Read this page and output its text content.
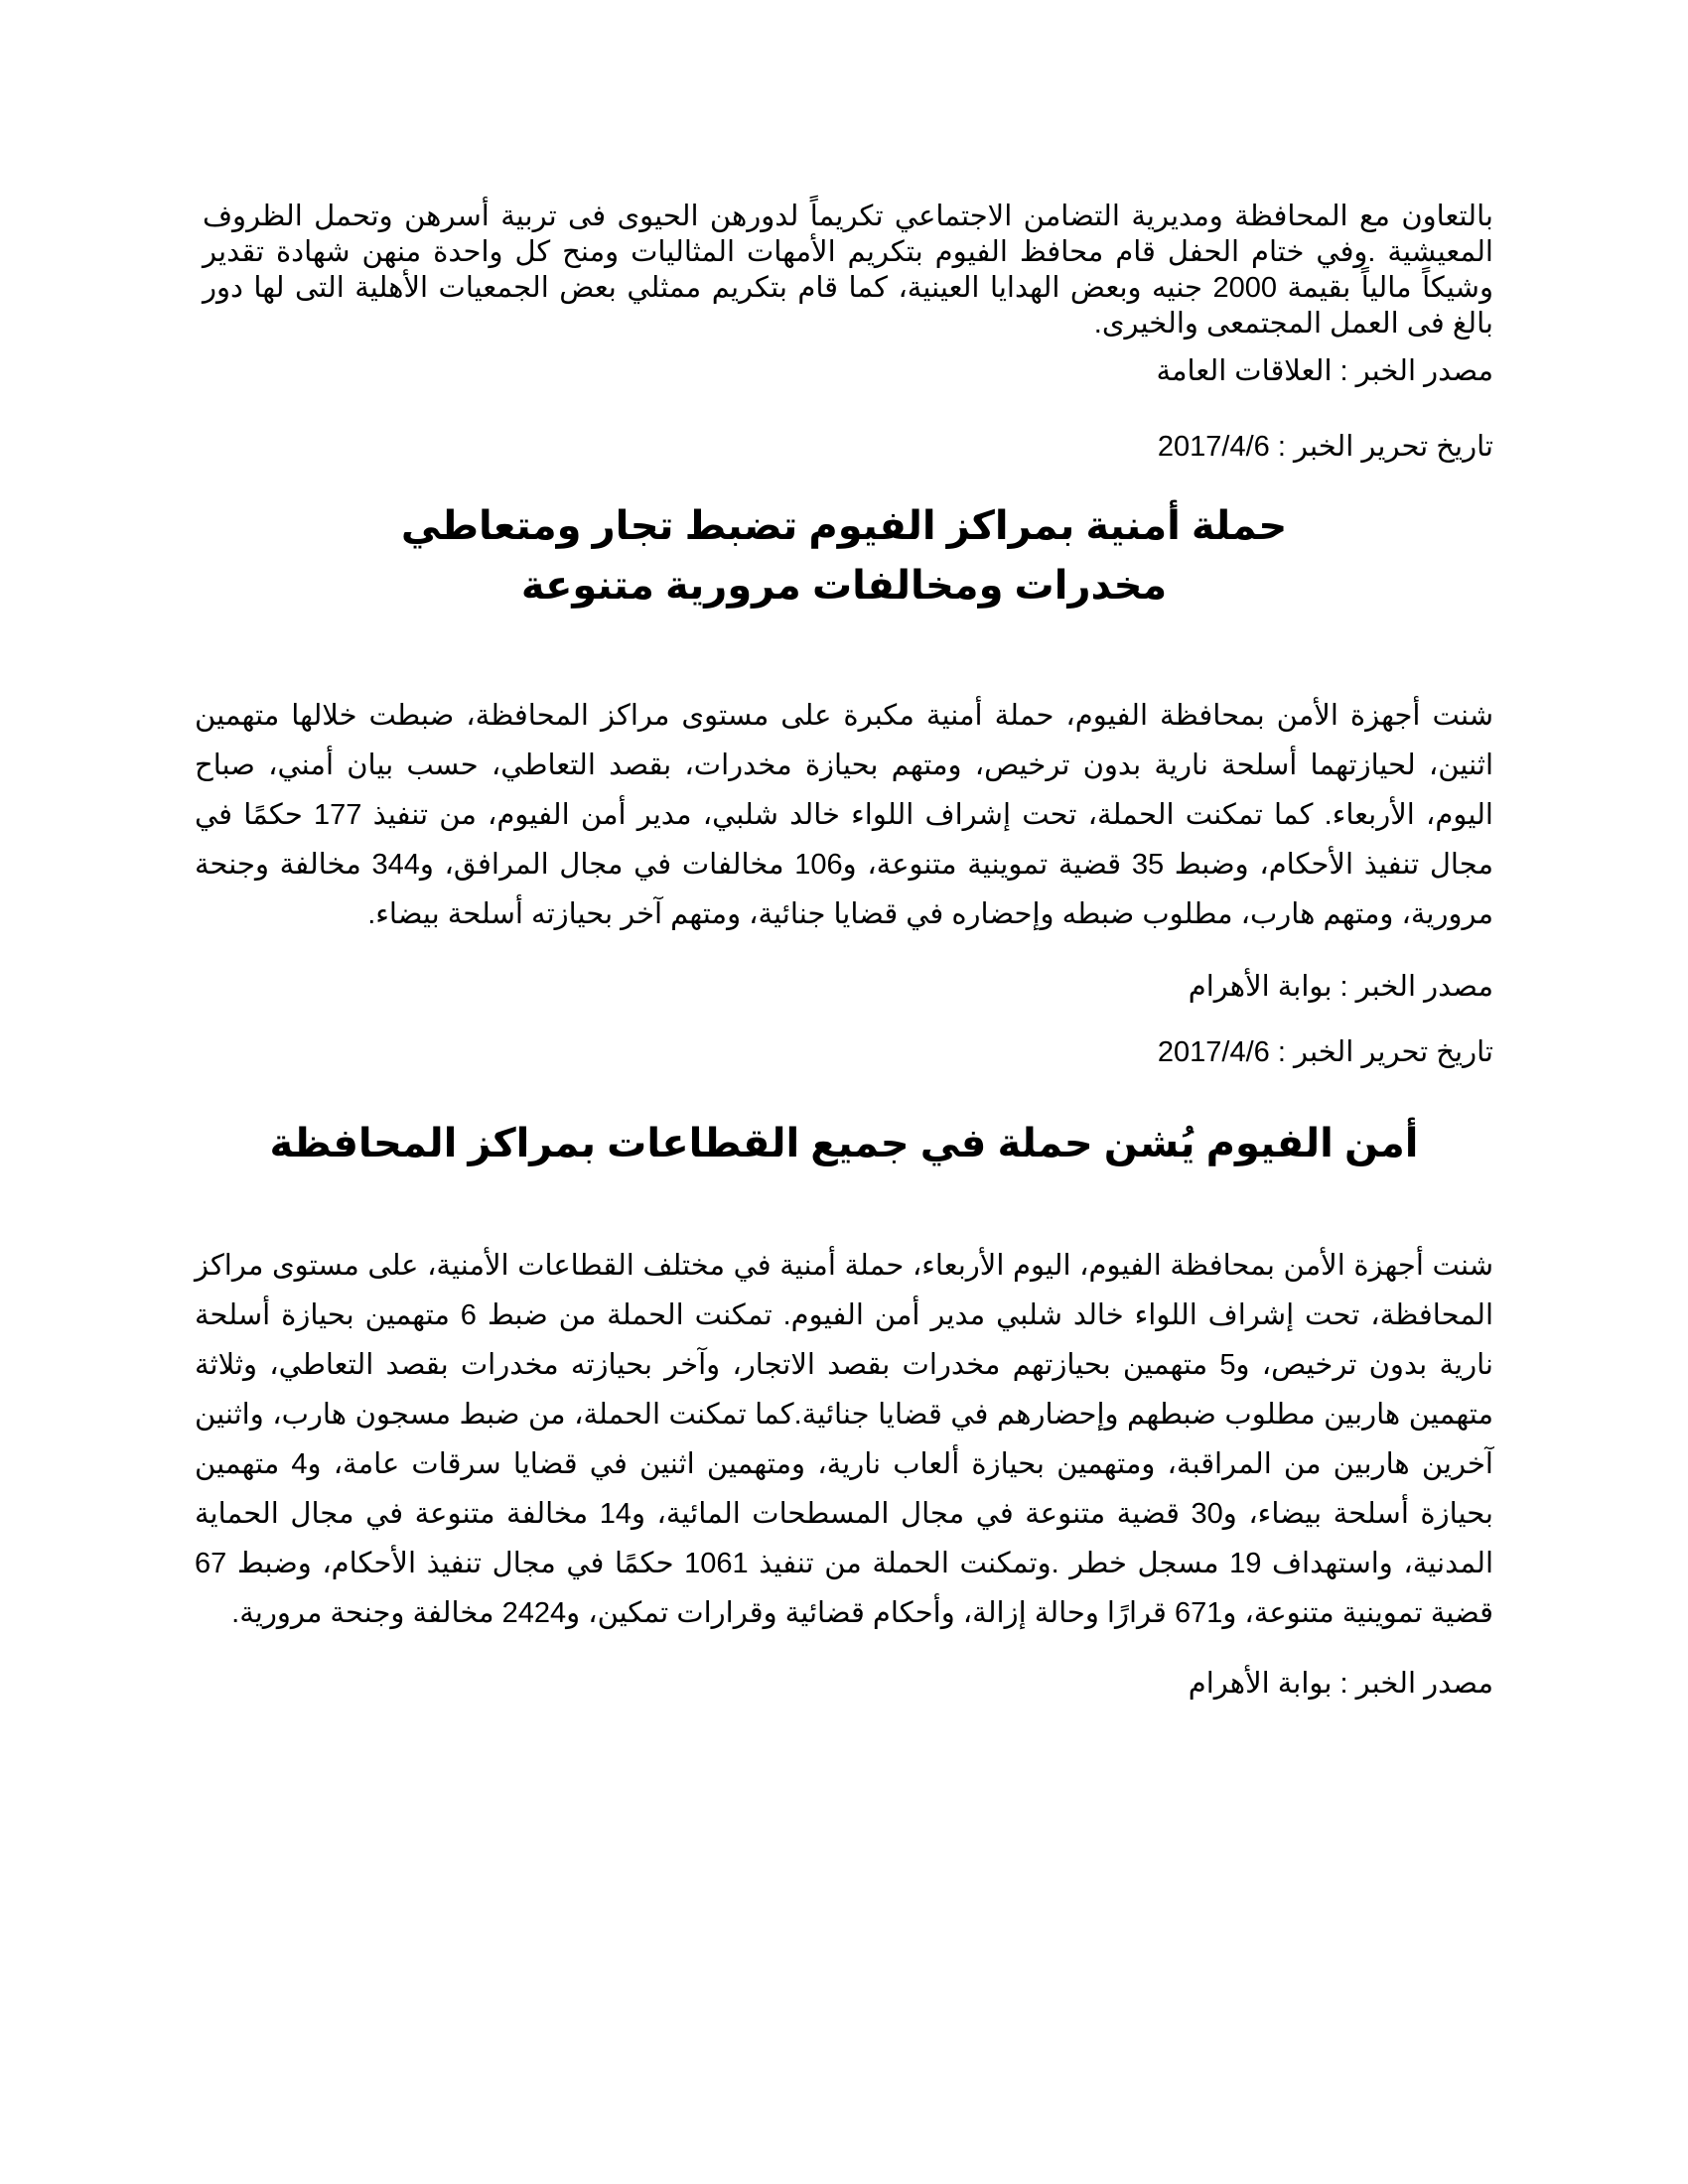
بالتعاون مع المحافظة ومديرية التضامن الاجتماعي تكريماً لدورهن الحيوى فى تربية أسرهن وتحمل الظروف المعيشية .وفي ختام الحفل قام محافظ الفيوم بتكريم الأمهات المثاليات ومنح كل واحدة منهن شهادة تقدير وشيكاً مالياً بقيمة 2000 جنيه وبعض الهدايا العينية، كما قام بتكريم ممثلي بعض الجمعيات الأهلية التى لها دور بالغ فى العمل المجتمعى والخيرى.

مصدر الخبر : العلاقات العامة

تاريخ تحرير الخبر : 2017/4/6

حملة أمنية بمراكز الفيوم تضبط تجار ومتعاطي مخدرات ومخالفات مرورية متنوعة

شنت أجهزة الأمن بمحافظة الفيوم، حملة أمنية مكبرة على مستوى مراكز المحافظة، ضبطت خلالها متهمين اثنين، لحيازتهما أسلحة نارية بدون ترخيص، ومتهم بحيازة مخدرات، بقصد التعاطي، حسب بيان أمني، صباح اليوم، الأربعاء. كما تمكنت الحملة، تحت إشراف اللواء خالد شلبي، مدير أمن الفيوم، من تنفيذ 177 حكمًا في مجال تنفيذ الأحكام، وضبط 35 قضية تموينية متنوعة، و106 مخالفات في مجال المرافق، و344 مخالفة وجنحة مرورية، ومتهم هارب، مطلوب ضبطه وإحضاره في قضايا جنائية، ومتهم آخر بحيازته أسلحة بيضاء.

مصدر الخبر : بوابة الأهرام

تاريخ تحرير الخبر : 2017/4/6

أمن الفيوم يُشن حملة في جميع القطاعات بمراكز المحافظة

شنت أجهزة الأمن بمحافظة الفيوم، اليوم الأربعاء، حملة أمنية في مختلف القطاعات الأمنية، على مستوى مراكز المحافظة، تحت إشراف اللواء خالد شلبي مدير أمن الفيوم. تمكنت الحملة من ضبط 6 متهمين بحيازة أسلحة نارية بدون ترخيص، و5 متهمين بحيازتهم مخدرات بقصد الاتجار، وآخر بحيازته مخدرات بقصد التعاطي، وثلاثة متهمين هاربين مطلوب ضبطهم وإحضارهم في قضايا جنائية.كما تمكنت الحملة، من ضبط مسجون هارب، واثنين آخرين هاربين من المراقبة، ومتهمين بحيازة ألعاب نارية، ومتهمين اثنين في قضايا سرقات عامة، و4 متهمين بحيازة أسلحة بيضاء، و30 قضية متنوعة في مجال المسطحات المائية، و14 مخالفة متنوعة في مجال الحماية المدنية، واستهداف 19 مسجل خطر .وتمكنت الحملة من تنفيذ 1061 حكمًا في مجال تنفيذ الأحكام، وضبط 67 قضية تموينية متنوعة، و671 قرارًا وحالة إزالة، وأحكام قضائية وقرارات تمكين، و2424 مخالفة وجنحة مرورية.

مصدر الخبر : بوابة الأهرام
